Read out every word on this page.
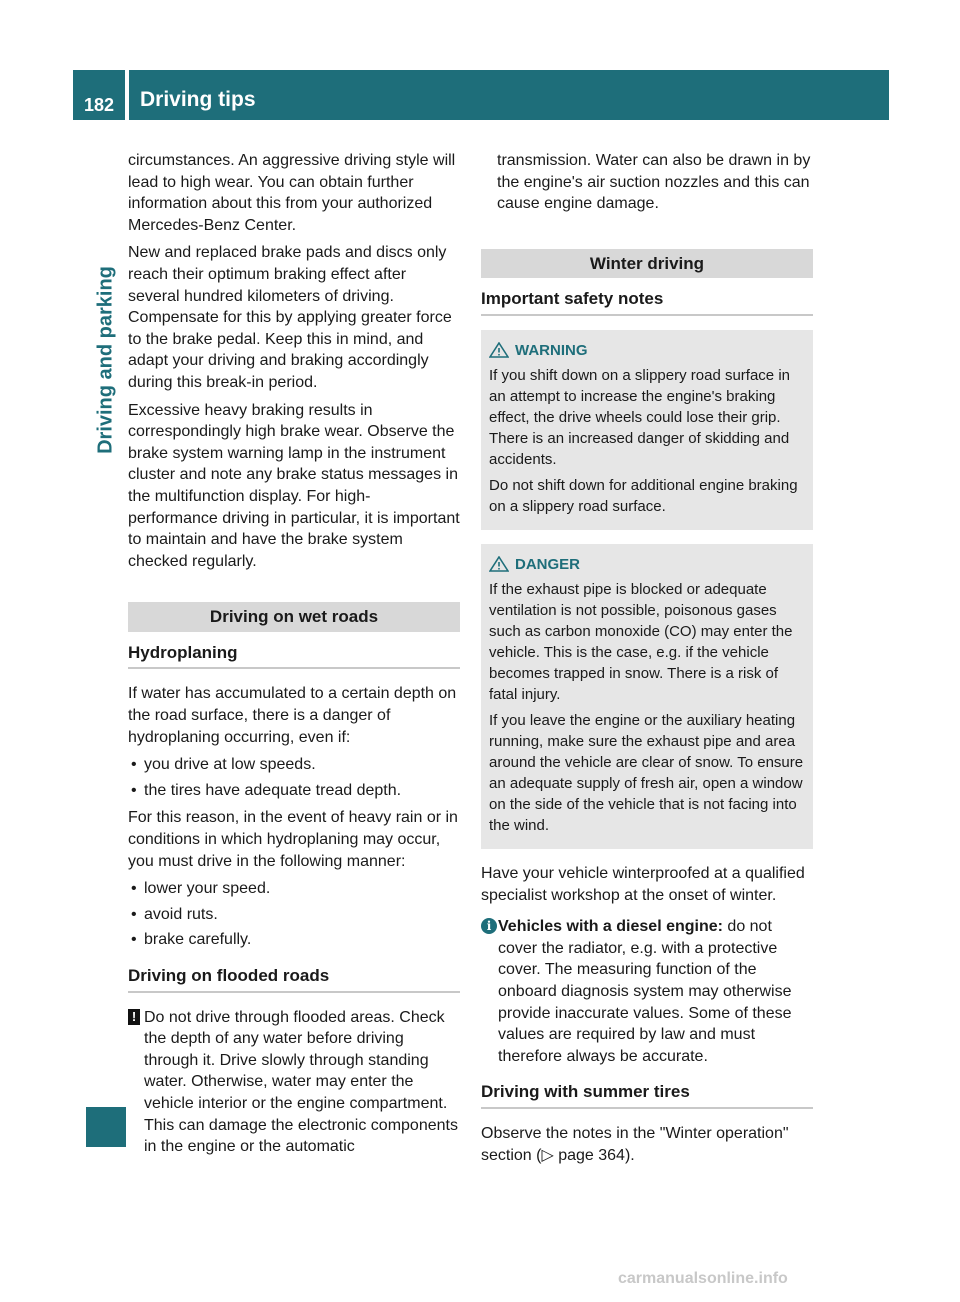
182	Driving tips
Driving and parking

circumstances. An aggressive driving style will lead to high wear. You can obtain further information about this from your authorized Mercedes-Benz Center.

New and replaced brake pads and discs only reach their optimum braking effect after several hundred kilometers of driving. Compensate for this by applying greater force to the brake pedal. Keep this in mind, and adapt your driving and braking accordingly during this break-in period.

Excessive heavy braking results in correspondingly high brake wear. Observe the brake system warning lamp in the instrument cluster and note any brake status messages in the multifunction display. For high-performance driving in particular, it is important to maintain and have the brake system checked regularly.

Driving on wet roads
Hydroplaning

If water has accumulated to a certain depth on the road surface, there is a danger of hydroplaning occurring, even if:

• you drive at low speeds.
• the tires have adequate tread depth.

For this reason, in the event of heavy rain or in conditions in which hydroplaning may occur, you must drive in the following manner:

• lower your speed.
• avoid ruts.
• brake carefully.
Driving on flooded roads
! Do not drive through flooded areas. Check the depth of any water before driving through it. Drive slowly through standing water. Otherwise, water may enter the vehicle interior or the engine compartment. This can damage the electronic components in the engine or the automatic
transmission. Water can also be drawn in by the engine's air suction nozzles and this can cause engine damage.
Winter driving
Important safety notes
WARNING

If you shift down on a slippery road surface in an attempt to increase the engine's braking effect, the drive wheels could lose their grip. There is an increased danger of skidding and accidents.

Do not shift down for additional engine braking on a slippery road surface.

DANGER

If the exhaust pipe is blocked or adequate ventilation is not possible, poisonous gases such as carbon monoxide (CO) may enter the vehicle. This is the case, e.g. if the vehicle becomes trapped in snow. There is a risk of fatal injury.

If you leave the engine or the auxiliary heating running, make sure the exhaust pipe and area around the vehicle are clear of snow. To ensure an adequate supply of fresh air, open a window on the side of the vehicle that is not facing into the wind.

Have your vehicle winterproofed at a qualified specialist workshop at the onset of winter.

i Vehicles with a diesel engine: do not cover the radiator, e.g. with a protective cover. The measuring function of the onboard diagnosis system may otherwise provide inaccurate values. Some of these values are required by law and must therefore always be accurate.
Driving with summer tires

Observe the notes in the "Winter operation" section (▷ page 364).

carmanualsonline.info
